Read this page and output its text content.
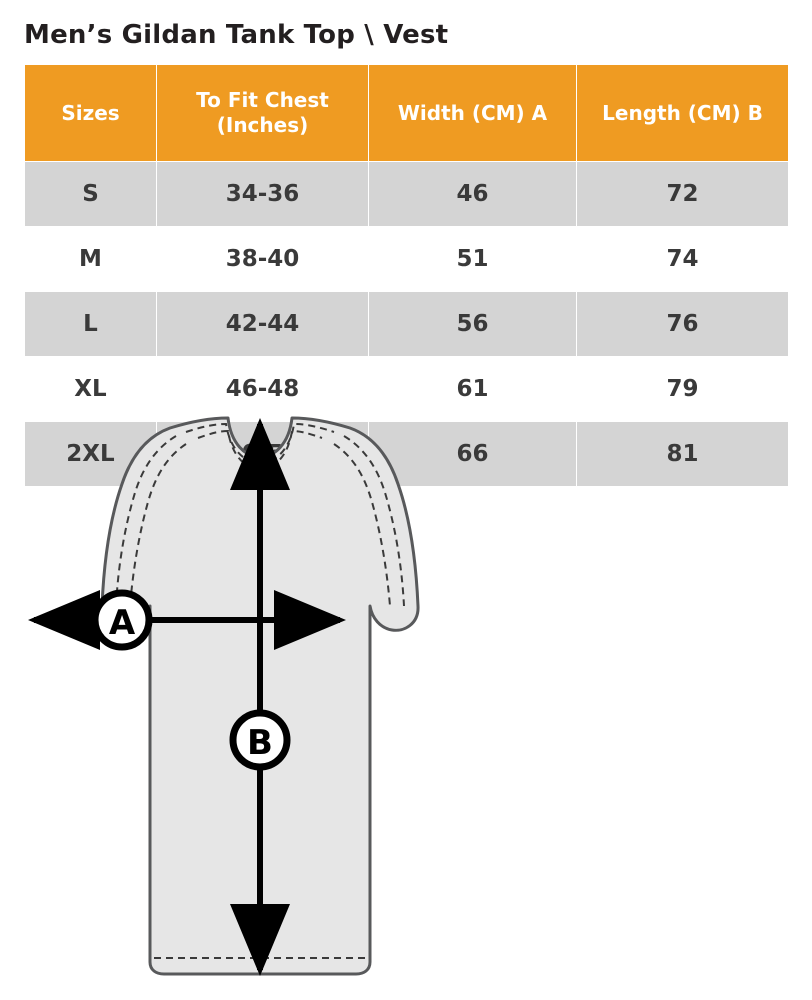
Men’s Gildan Tank Top \ Vest
Sizes	To Fit Chest (Inches)	Width (CM) A	Length (CM) B
S	34-36	46	72
M	38-40	51	74
L	42-44	56	76
XL	46-48	61	79
2XL		66	81
A
B
